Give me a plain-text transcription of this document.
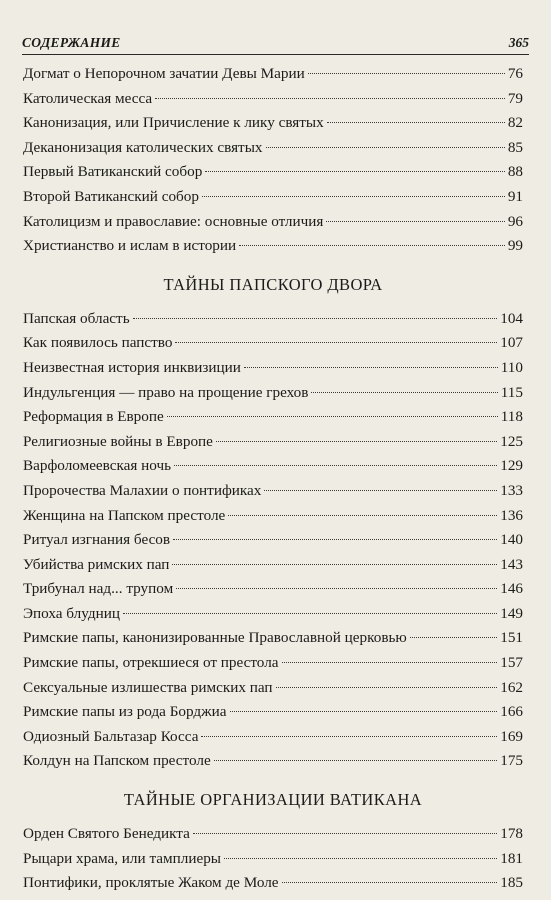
СОДЕРЖАНИЕ	365
Догмат о Непорочном зачатии Девы Марии	76
Католическая месса	79
Канонизация, или Причисление к лику святых	82
Деканонизация католических святых	85
Первый Ватиканский собор	88
Второй Ватиканский собор	91
Католицизм и православие: основные отличия	96
Христианство и ислам в истории	99
ТАЙНЫ ПАПСКОГО ДВОРА
Папская область	104
Как появилось папство	107
Неизвестная история инквизиции	110
Индульгенция — право на прощение грехов	115
Реформация в Европе	118
Религиозные войны в Европе	125
Варфоломеевская ночь	129
Пророчества Малахии о понтификах	133
Женщина на Папском престоле	136
Ритуал изгнания бесов	140
Убийства римских пап	143
Трибунал над... трупом	146
Эпоха блудниц	149
Римские папы, канонизированные Православной церковью	151
Римские папы, отрекшиеся от престола	157
Сексуальные излишества римских пап	162
Римские папы из рода Борджиа	166
Одиозный Бальтазар Косса	169
Колдун на Папском престоле	175
ТАЙНЫЕ ОРГАНИЗАЦИИ ВАТИКАНА
Орден Святого Бенедикта	178
Рыцари храма, или тамплиеры	181
Понтифики, проклятые Жаком де Моле	185
